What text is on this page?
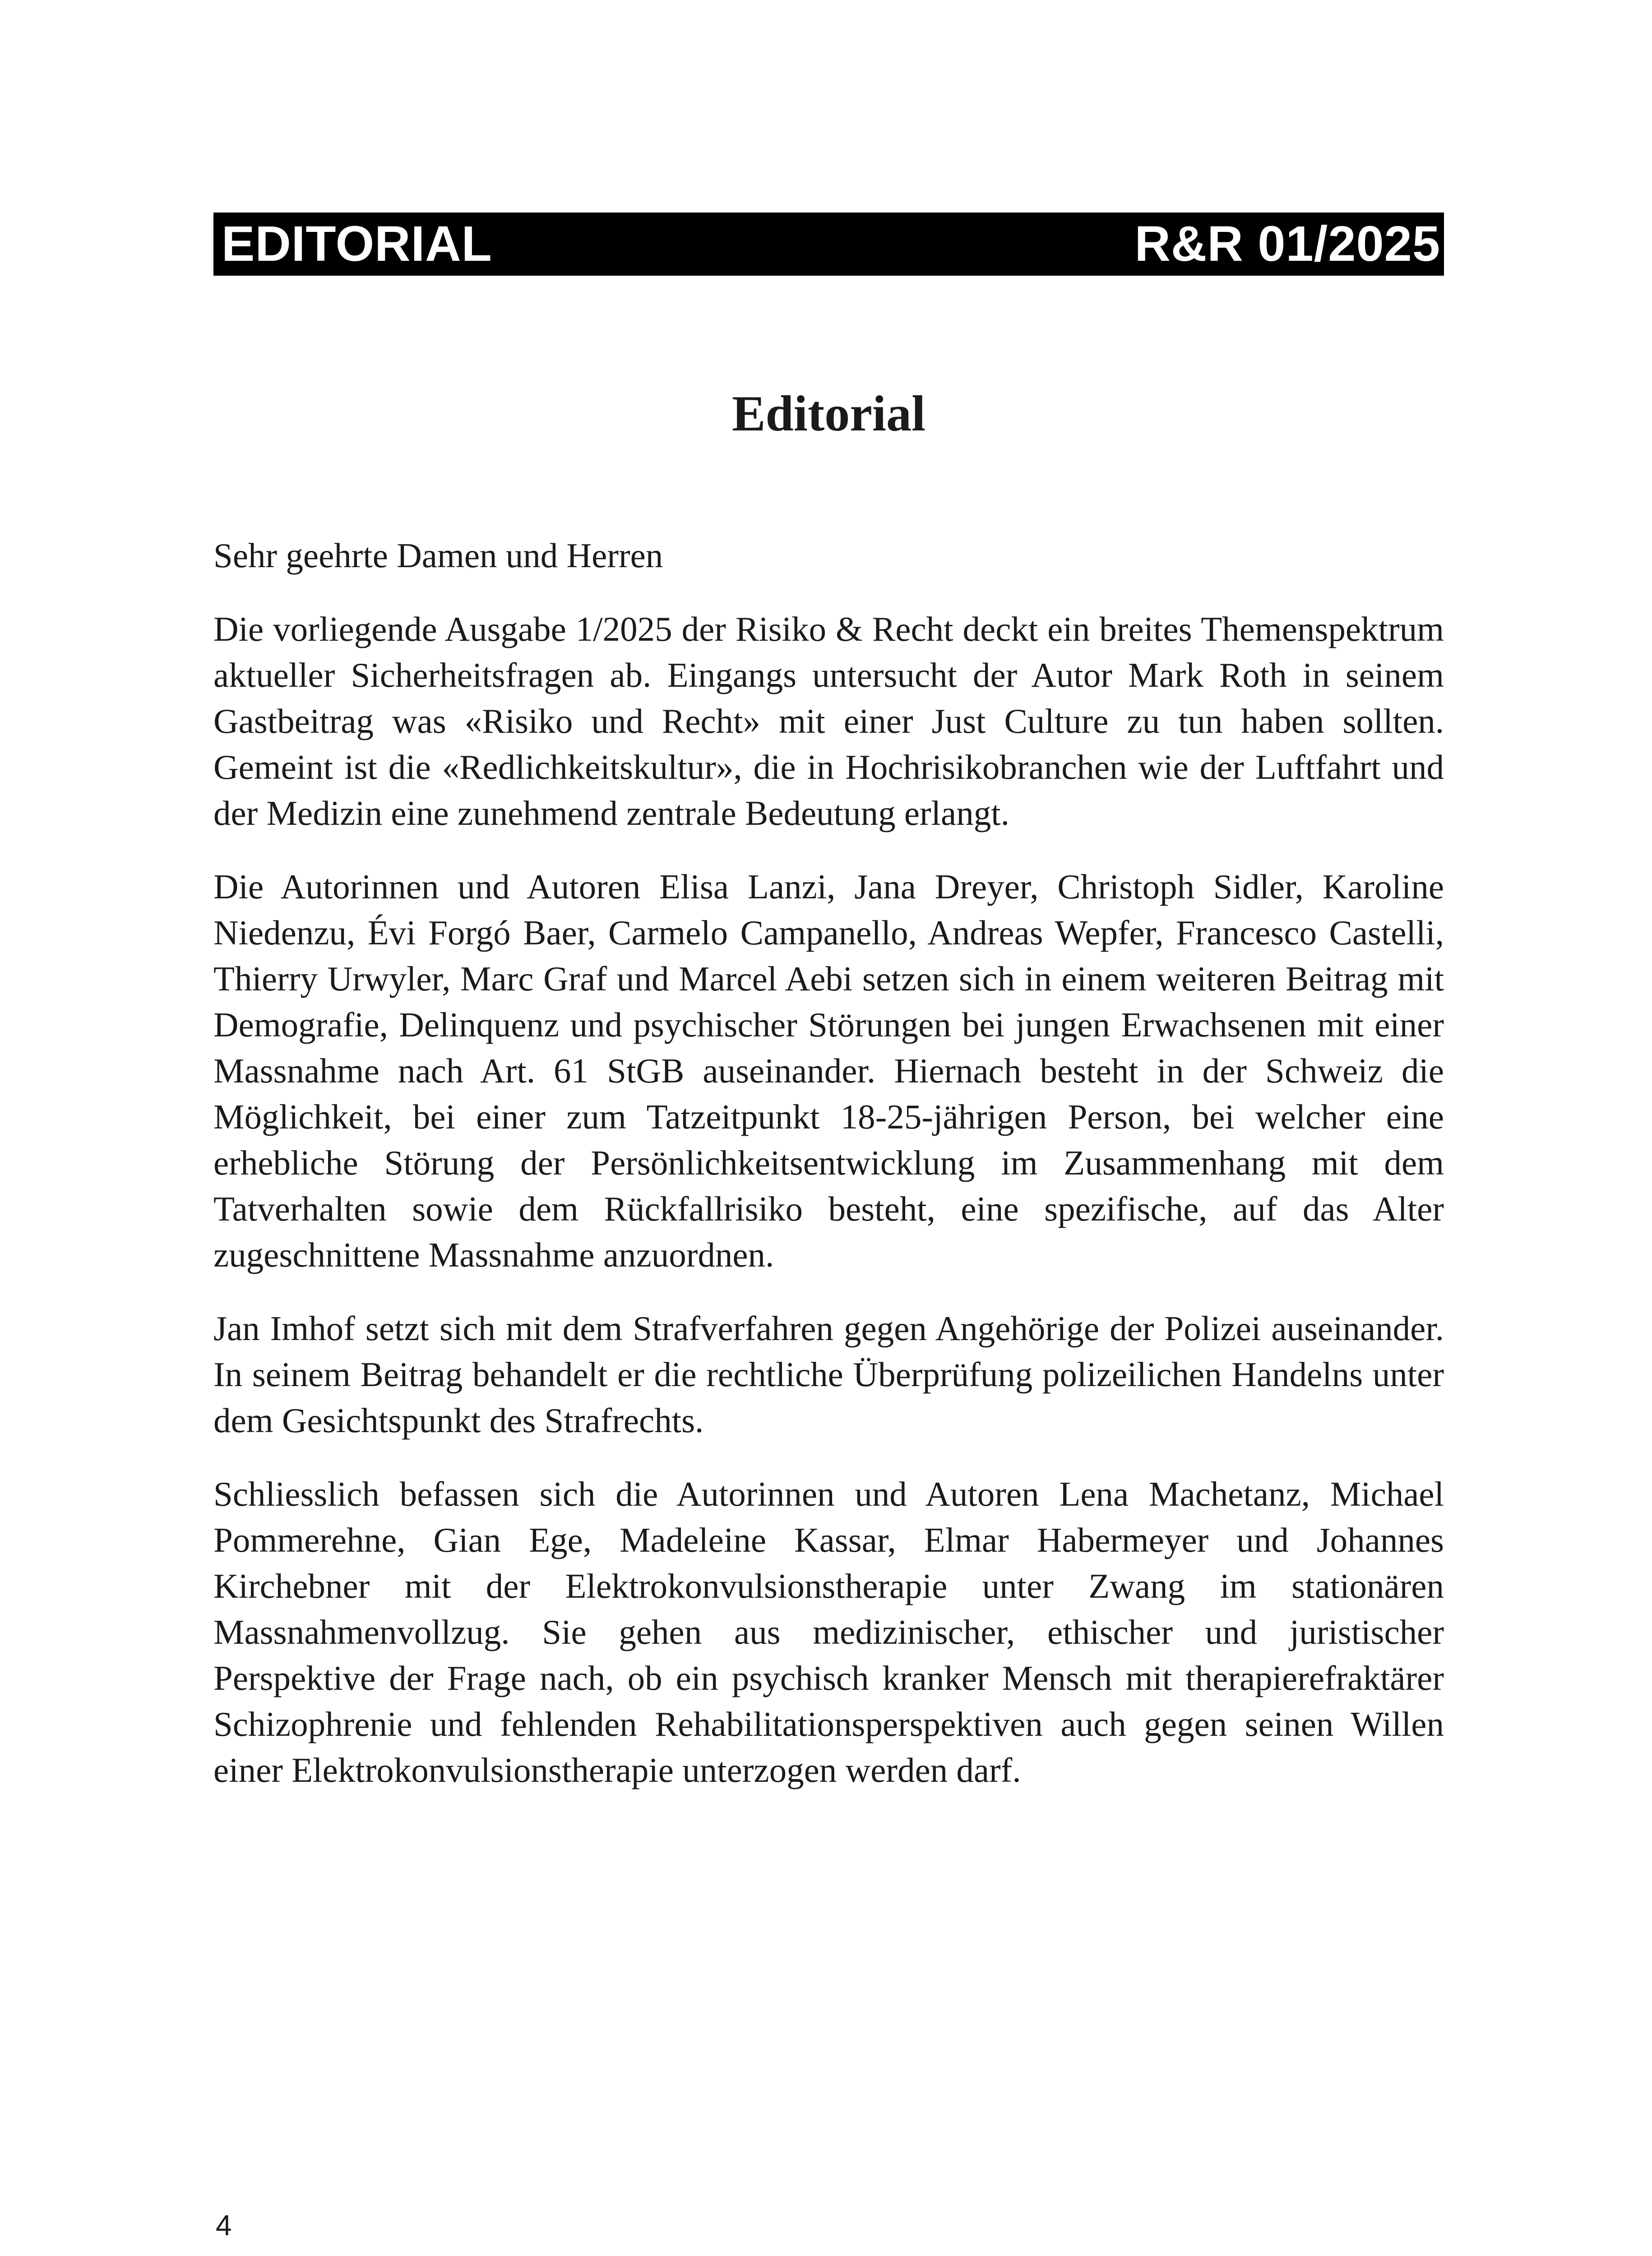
EDITORIAL	R&R 01/2025
Editorial

Sehr geehrte Damen und Herren

Die vorliegende Ausgabe 1/2025 der Risiko & Recht deckt ein breites Themenspektrum aktueller Sicherheitsfragen ab. Eingangs untersucht der Autor Mark Roth in seinem Gastbeitrag was «Risiko und Recht» mit einer Just Culture zu tun haben sollten. Gemeint ist die «Redlichkeitskultur», die in Hochrisikobranchen wie der Luftfahrt und der Medizin eine zunehmend zentrale Bedeutung erlangt.

Die Autorinnen und Autoren Elisa Lanzi, Jana Dreyer, Christoph Sidler, Karoline Niedenzu, Évi Forgó Baer, Carmelo Campanello, Andreas Wepfer, Francesco Castelli, Thierry Urwyler, Marc Graf und Marcel Aebi setzen sich in einem weiteren Beitrag mit Demografie, Delinquenz und psychischer Störungen bei jungen Erwachsenen mit einer Massnahme nach Art. 61 StGB auseinander. Hiernach besteht in der Schweiz die Möglichkeit, bei einer zum Tatzeitpunkt 18-25-jährigen Person, bei welcher eine erhebliche Störung der Persönlichkeitsentwicklung im Zusammenhang mit dem Tatverhalten sowie dem Rückfallrisiko besteht, eine spezifische, auf das Alter zugeschnittene Massnahme anzuordnen.

Jan Imhof setzt sich mit dem Strafverfahren gegen Angehörige der Polizei auseinander. In seinem Beitrag behandelt er die rechtliche Überprüfung polizeilichen Handelns unter dem Gesichtspunkt des Strafrechts.

Schliesslich befassen sich die Autorinnen und Autoren Lena Machetanz, Michael Pommerehne, Gian Ege, Madeleine Kassar, Elmar Habermeyer und Johannes Kirchebner mit der Elektrokonvulsionstherapie unter Zwang im stationären Massnahmenvollzug. Sie gehen aus medizinischer, ethischer und juristischer Perspektive der Frage nach, ob ein psychisch kranker Mensch mit therapierefraktärer Schizophrenie und fehlenden Rehabilitationsperspektiven auch gegen seinen Willen einer Elektrokonvulsionstherapie unterzogen werden darf.

4
